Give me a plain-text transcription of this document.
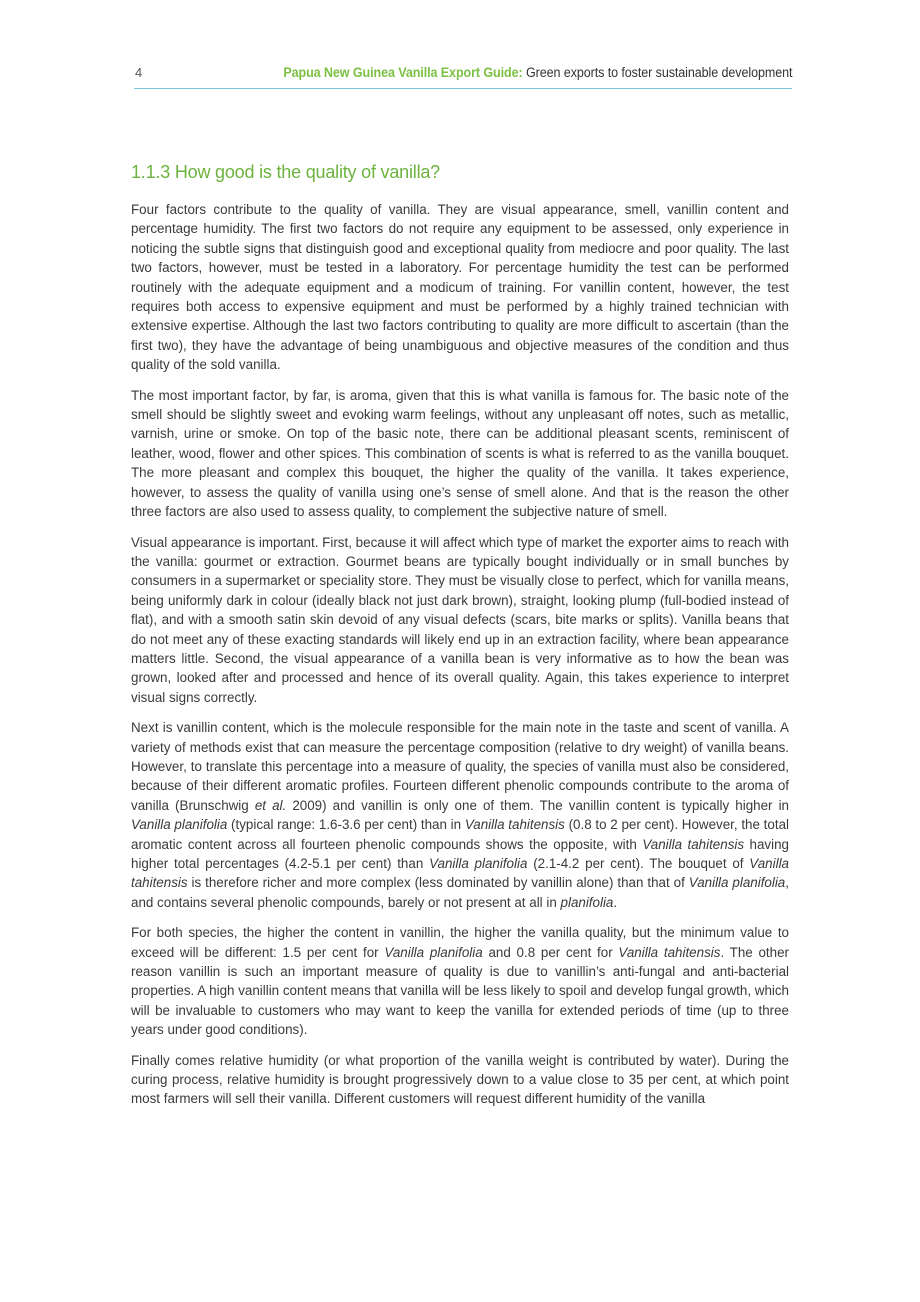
4	Papua New Guinea Vanilla Export Guide: Green exports to foster sustainable development
1.1.3 How good is the quality of vanilla?

Four factors contribute to the quality of vanilla. They are visual appearance, smell, vanillin content and percentage humidity. The first two factors do not require any equipment to be assessed, only experience in noticing the subtle signs that distinguish good and exceptional quality from mediocre and poor quality. The last two factors, however, must be tested in a laboratory. For percentage humidity the test can be performed routinely with the adequate equipment and a modicum of training. For vanillin content, however, the test requires both access to expensive equipment and must be performed by a highly trained technician with extensive expertise. Although the last two factors contributing to quality are more difficult to ascertain (than the first two), they have the advantage of being unambiguous and objective measures of the condition and thus quality of the sold vanilla.

The most important factor, by far, is aroma, given that this is what vanilla is famous for. The basic note of the smell should be slightly sweet and evoking warm feelings, without any unpleasant off notes, such as metallic, varnish, urine or smoke. On top of the basic note, there can be additional pleasant scents, reminiscent of leather, wood, flower and other spices. This combination of scents is what is referred to as the vanilla bouquet. The more pleasant and complex this bouquet, the higher the quality of the vanilla. It takes experience, however, to assess the quality of vanilla using one’s sense of smell alone. And that is the reason the other three factors are also used to assess quality, to complement the subjective nature of smell.

Visual appearance is important. First, because it will affect which type of market the exporter aims to reach with the vanilla: gourmet or extraction. Gourmet beans are typically bought individually or in small bunches by consumers in a supermarket or speciality store. They must be visually close to perfect, which for vanilla means, being uniformly dark in colour (ideally black not just dark brown), straight, looking plump (full-bodied instead of flat), and with a smooth satin skin devoid of any visual defects (scars, bite marks or splits). Vanilla beans that do not meet any of these exacting standards will likely end up in an extraction facility, where bean appearance matters little. Second, the visual appearance of a vanilla bean is very informative as to how the bean was grown, looked after and processed and hence of its overall quality. Again, this takes experience to interpret visual signs correctly.

Next is vanillin content, which is the molecule responsible for the main note in the taste and scent of vanilla. A variety of methods exist that can measure the percentage composition (relative to dry weight) of vanilla beans. However, to translate this percentage into a measure of quality, the species of vanilla must also be considered, because of their different aromatic profiles. Fourteen different phenolic compounds contribute to the aroma of vanilla (Brunschwig et al. 2009) and vanillin is only one of them. The vanillin content is typically higher in Vanilla planifolia (typical range: 1.6-3.6 per cent) than in Vanilla tahitensis (0.8 to 2 per cent). However, the total aromatic content across all fourteen phenolic compounds shows the opposite, with Vanilla tahitensis having higher total percentages (4.2-5.1 per cent) than Vanilla planifolia (2.1-4.2 per cent). The bouquet of Vanilla tahitensis is therefore richer and more complex (less dominated by vanillin alone) than that of Vanilla planifolia, and contains several phenolic compounds, barely or not present at all in planifolia.

For both species, the higher the content in vanillin, the higher the vanilla quality, but the minimum value to exceed will be different: 1.5 per cent for Vanilla planifolia and 0.8 per cent for Vanilla tahitensis. The other reason vanillin is such an important measure of quality is due to vanillin’s anti-fungal and anti-bacterial properties. A high vanillin content means that vanilla will be less likely to spoil and develop fungal growth, which will be invaluable to customers who may want to keep the vanilla for extended periods of time (up to three years under good conditions).

Finally comes relative humidity (or what proportion of the vanilla weight is contributed by water). During the curing process, relative humidity is brought progressively down to a value close to 35 per cent, at which point most farmers will sell their vanilla. Different customers will request different humidity of the vanilla
